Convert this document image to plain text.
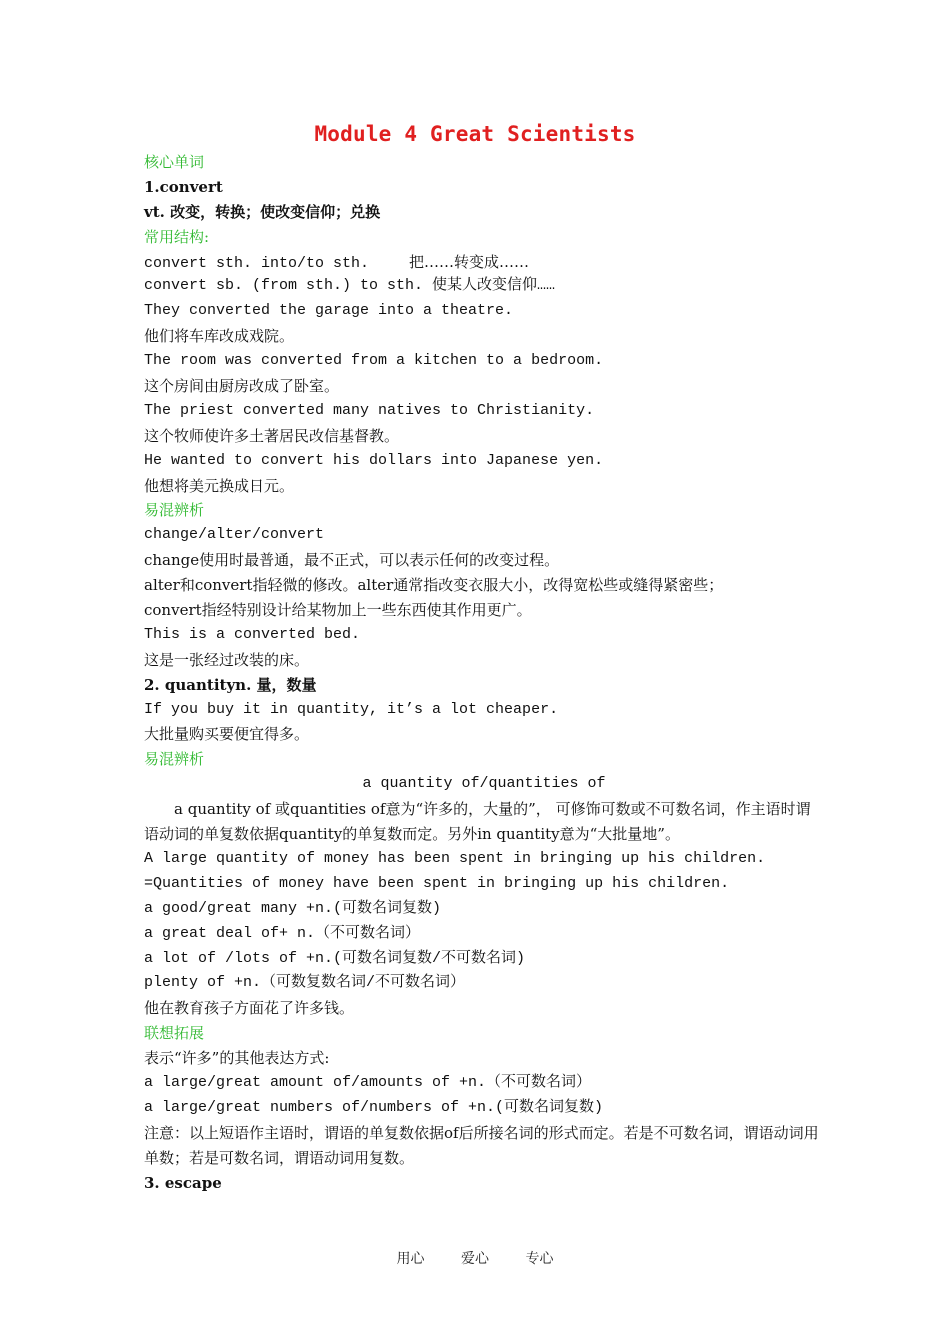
Module 4 Great Scientists
核心单词
1.convert
vt. 改变，转换；使改变信仰；兑换
常用结构:
convert sth. into/to sth.	把……转变成……
convert sb. (from sth.) to sth. 使某人改变信仰……
They converted the garage into a theatre.
他们将车库改成戏院。
The room was converted from a kitchen to a bedroom.
这个房间由厨房改成了卧室。
The priest converted many natives to Christianity.
这个牧师使许多土著居民改信基督教。
He wanted to convert his dollars into Japanese yen.
他想将美元换成日元。
易混辨析
change/alter/convert
change使用时最普通，最不正式，可以表示任何的改变过程。
alter和convert指轻微的修改。alter通常指改变衣服大小，改得宽松些或缝得紧密些；
convert指经特别设计给某物加上一些东西使其作用更广。
This is a converted bed.
这是一张经过改装的床。
2. quantityn. 量，数量
If you buy it in quantity, it’s a lot cheaper.
大批量购买要便宜得多。
易混辨析
a quantity of/quantities of
a quantity of 或quantities of意为“许多的，大量的”， 可修饰可数或不可数名词，作主语时谓语动词的单复数依据quantity的单复数而定。另外in quantity意为“大批量地”。
A large quantity of money has been spent in bringing up his children.
=Quantities of money have been spent in bringing up his children.
a good/great many +n.(可数名词复数)
a great deal of+ n.（不可数名词）
a lot of /lots of +n.(可数名词复数/不可数名词)
plenty of +n.（可数复数名词/不可数名词）
他在教育孩子方面花了许多钱。
联想拓展
表示“许多”的其他表达方式:
a large/great amount of/amounts of +n.（不可数名词）
a large/great numbers of/numbers of +n.(可数名词复数)
注意：以上短语作主语时，谓语的单复数依据of后所接名词的形式而定。若是不可数名词，谓语动词用单数；若是可数名词，谓语动词用复数。
3. escape
用心	爱心	专心
